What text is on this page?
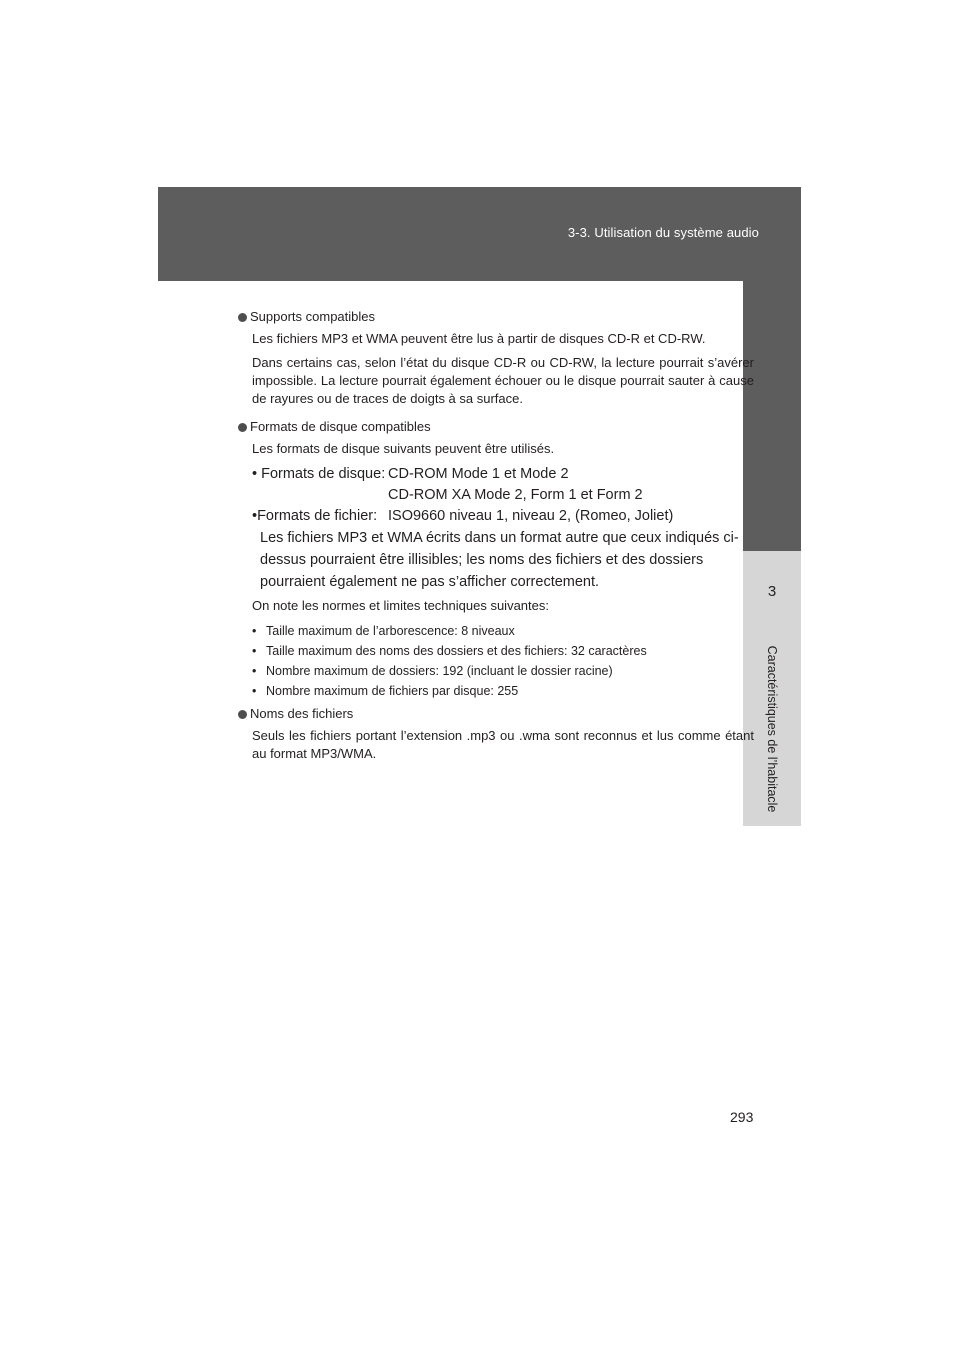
3-3. Utilisation du système audio
3
Caractéristiques de l’habitacle
Supports compatibles

Les fichiers MP3 et WMA peuvent être lus à partir de disques CD-R et CD-RW.

Dans certains cas, selon l’état du disque CD-R ou CD-RW, la lecture pourrait s’avérer impossible. La lecture pourrait également échouer ou le disque pourrait sauter à cause de rayures ou de traces de doigts à sa surface.

Formats de disque compatibles

Les formats de disque suivants peuvent être utilisés.

• Formats de disque: CD-ROM Mode 1 et Mode 2
CD-ROM XA Mode 2, Form 1 et Form 2
•Formats de fichier: ISO9660 niveau 1, niveau 2, (Romeo, Joliet)

Les fichiers MP3 et WMA écrits dans un format autre que ceux indiqués ci-dessus pourraient être illisibles; les noms des fichiers et des dossiers pourraient également ne pas s’afficher correctement.

On note les normes et limites techniques suivantes:

• Taille maximum de l’arborescence: 8 niveaux
• Taille maximum des noms des dossiers et des fichiers: 32 caractères
• Nombre maximum de dossiers: 192 (incluant le dossier racine)
• Nombre maximum de fichiers par disque: 255
Noms des fichiers

Seuls les fichiers portant l’extension .mp3 ou .wma sont reconnus et lus comme étant au format MP3/WMA.

293
